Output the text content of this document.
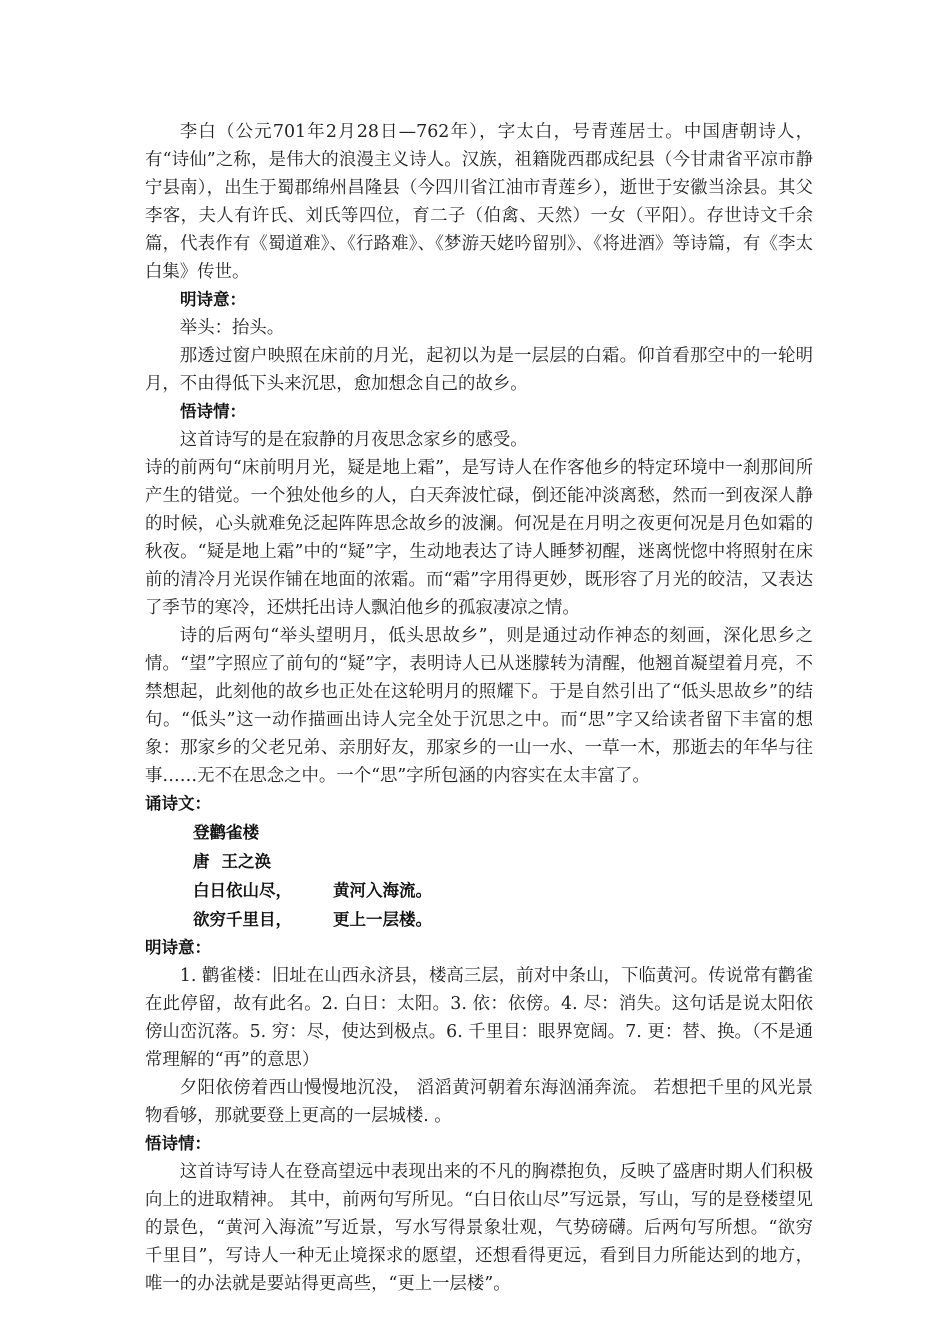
李白（公元701年2月28日—762年），字太白，号青莲居士。中国唐朝诗人，有“诗仙”之称，是伟大的浪漫主义诗人。汉族，祖籍陇西郡成纪县（今甘肃省平凉市静宁县南），出生于蜀郡绵州昌隆县（今四川省江油市青莲乡），逝世于安徽当涂县。其父李客，夫人有许氏、刘氏等四位，育二子（伯禽、天然）一女（平阳）。存世诗文千余篇，代表作有《蜀道难》、《行路难》、《梦游天姥吟留别》、《将进酒》等诗篇，有《李太白集》传世。

明诗意：

举头：抬头。

那透过窗户映照在床前的月光，起初以为是一层层的白霜。仰首看那空中的一轮明月，不由得低下头来沉思，愈加想念自己的故乡。

悟诗情：

这首诗写的是在寂静的月夜思念家乡的感受。

诗的前两句“床前明月光，疑是地上霜”，是写诗人在作客他乡的特定环境中一刹那间所产生的错觉。一个独处他乡的人，白天奔波忙碌，倒还能冲淡离愁，然而一到夜深人静的时候，心头就难免泛起阵阵思念故乡的波澜。何况是在月明之夜更何况是月色如霜的秋夜。“疑是地上霜”中的“疑”字，生动地表达了诗人睡梦初醒，迷离恍惚中将照射在床前的清冷月光误作铺在地面的浓霜。而“霜”字用得更妙，既形容了月光的皎洁，又表达了季节的寒冷，还烘托出诗人飘泊他乡的孤寂凄凉之情。

诗的后两句“举头望明月，低头思故乡”，则是通过动作神态的刻画，深化思乡之情。“望”字照应了前句的“疑”字，表明诗人已从迷朦转为清醒，他翘首凝望着月亮，不禁想起，此刻他的故乡也正处在这轮明月的照耀下。于是自然引出了“低头思故乡”的结句。“低头”这一动作描画出诗人完全处于沉思之中。而“思”字又给读者留下丰富的想象：那家乡的父老兄弟、亲朋好友，那家乡的一山一水、一草一木，那逝去的年华与往事……无不在思念之中。一个“思”字所包涵的内容实在太丰富了。

诵诗文：

登鹳雀楼

唐 王之涣

白日依山尽， 黄河入海流。

欲穷千里目， 更上一层楼。

明诗意：

1. 鹳雀楼：旧址在山西永济县，楼高三层，前对中条山，下临黄河。传说常有鹳雀在此停留，故有此名。2. 白日：太阳。3. 依：依傍。4. 尽：消失。这句话是说太阳依傍山峦沉落。5. 穷：尽，使达到极点。6. 千里目：眼界宽阔。7. 更：替、换。（不是通常理解的“再”的意思）

夕阳依傍着西山慢慢地沉没， 滔滔黄河朝着东海汹涌奔流。 若想把千里的风光景物看够，那就要登上更高的一层城楼. 。

悟诗情：

这首诗写诗人在登高望远中表现出来的不凡的胸襟抱负，反映了盛唐时期人们积极向上的进取精神。 其中，前两句写所见。“白日依山尽”写远景，写山，写的是登楼望见的景色，“黄河入海流”写近景，写水写得景象壮观，气势磅礴。后两句写所想。“欲穷千里目”，写诗人一种无止境探求的愿望，还想看得更远，看到目力所能达到的地方，唯一的办法就是要站得更高些，“更上一层楼”。
